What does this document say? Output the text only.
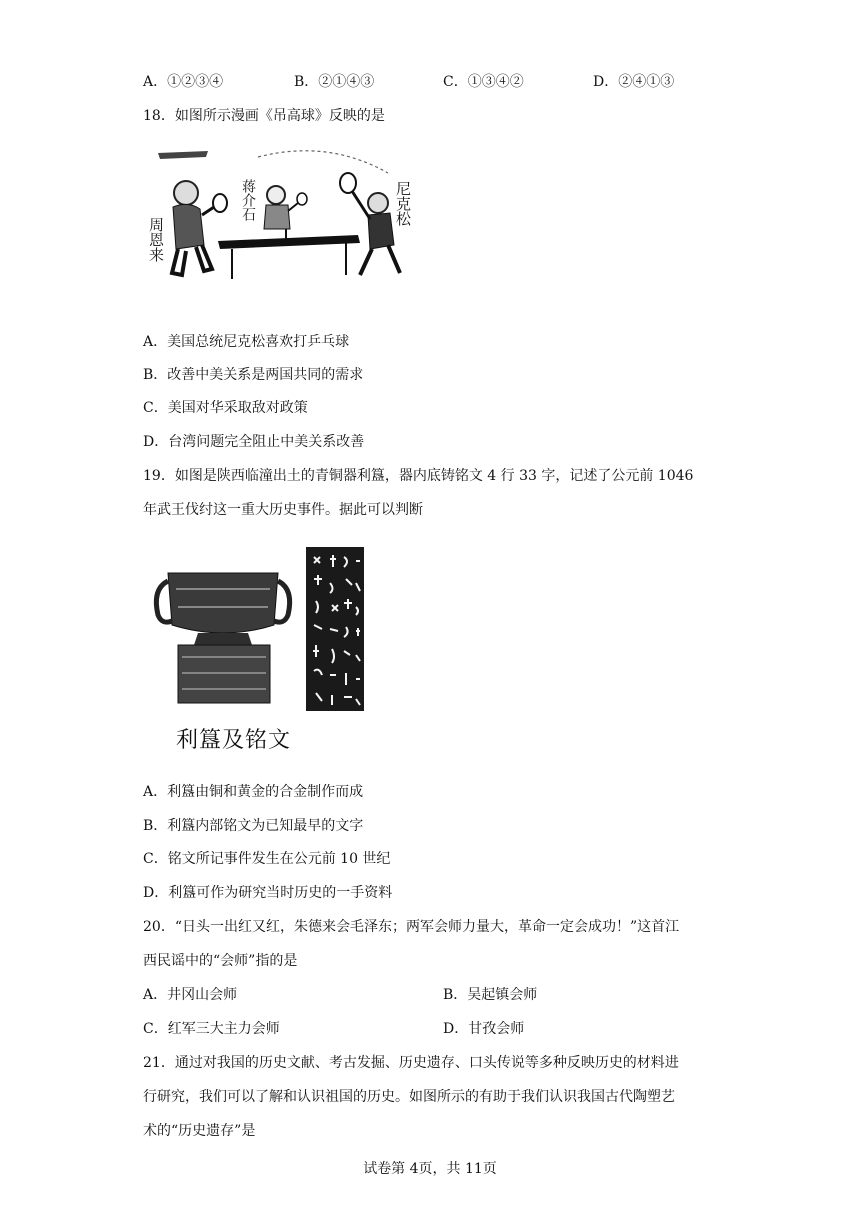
A．①②③④	B．②①④③	C．①③④②	D．②④①③
18．如图所示漫画《吊高球》反映的是
周恩来
蒋介石	尼克松
A．美国总统尼克松喜欢打乒乓球
B．改善中美关系是两国共同的需求
C．美国对华采取敌对政策
D．台湾问题完全阻止中美关系改善
19．如图是陕西临潼出土的青铜器利簋，器内底铸铭文 4 行 33 字，记述了公元前 1046
年武王伐纣这一重大历史事件。据此可以判断
利簋及铭文
A．利簋由铜和黄金的合金制作而成
B．利簋内部铭文为已知最早的文字
C．铭文所记事件发生在公元前 10 世纪
D．利簋可作为研究当时历史的一手资料
20．“日头一出红又红，朱德来会毛泽东；两军会师力量大，革命一定会成功！”这首江
西民谣中的“会师”指的是
A．井冈山会师	B．吴起镇会师
C．红军三大主力会师	D．甘孜会师
21．通过对我国的历史文献、考古发掘、历史遗存、口头传说等多种反映历史的材料进
行研究，我们可以了解和认识祖国的历史。如图所示的有助于我们认识我国古代陶塑艺
术的“历史遗存”是
试卷第 4页，共 11页
